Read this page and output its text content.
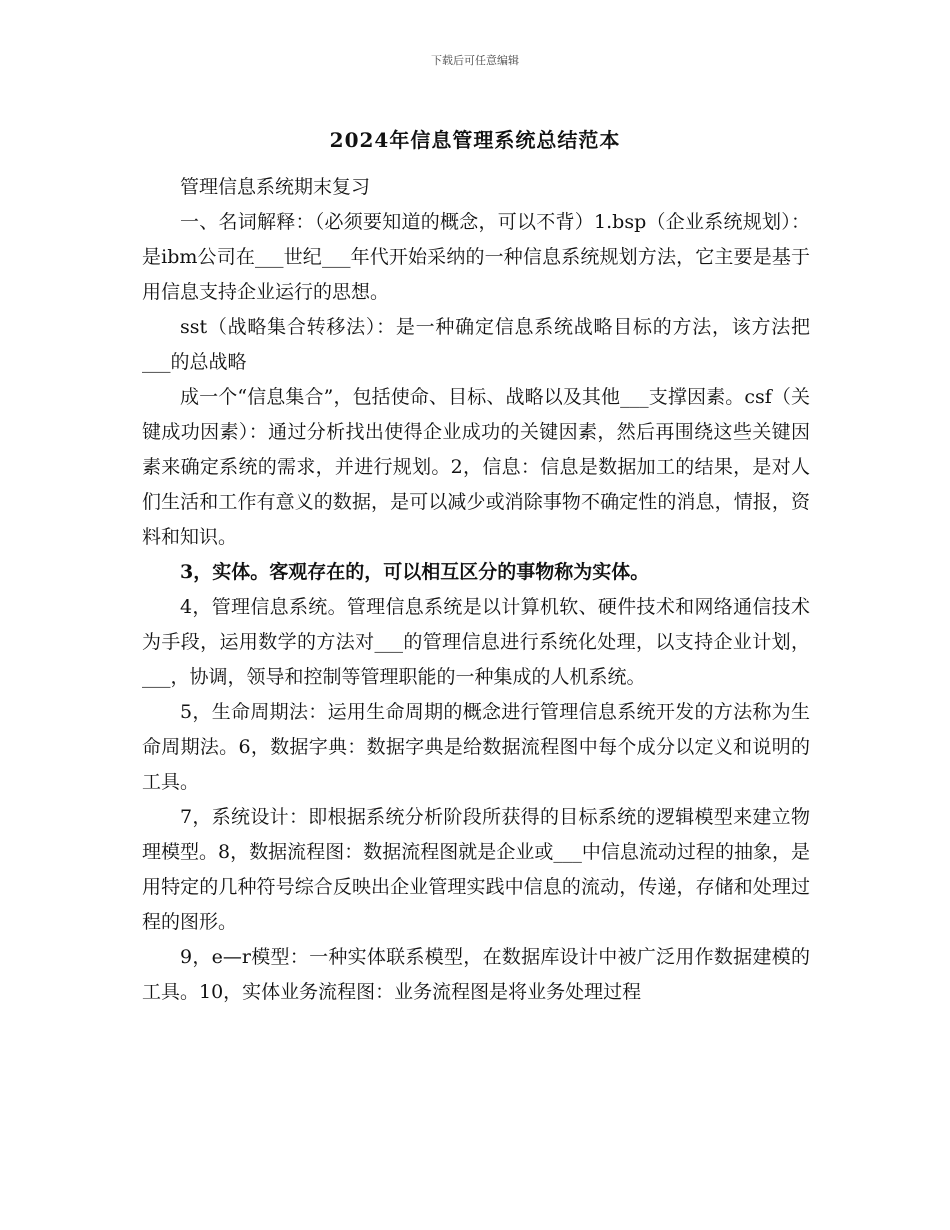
下载后可任意编辑
2024年信息管理系统总结范本

管理信息系统期末复习

一、名词解释：（必须要知道的概念，可以不背）1.bsp（企业系统规划）：是ibm公司在___世纪___年代开始采纳的一种信息系统规划方法，它主要是基于用信息支持企业运行的思想。

sst（战略集合转移法）：是一种确定信息系统战略目标的方法，该方法把___的总战略

成一个“信息集合”，包括使命、目标、战略以及其他___支撑因素。csf（关键成功因素）：通过分析找出使得企业成功的关键因素，然后再围绕这些关键因素来确定系统的需求，并进行规划。2，信息：信息是数据加工的结果，是对人们生活和工作有意义的数据，是可以减少或消除事物不确定性的消息，情报，资料和知识。

3，实体。客观存在的，可以相互区分的事物称为实体。

4，管理信息系统。管理信息系统是以计算机软、硬件技术和网络通信技术为手段，运用数学的方法对___的管理信息进行系统化处理，以支持企业计划，___，协调，领导和控制等管理职能的一种集成的人机系统。

5，生命周期法：运用生命周期的概念进行管理信息系统开发的方法称为生命周期法。6，数据字典：数据字典是给数据流程图中每个成分以定义和说明的工具。

7，系统设计：即根据系统分析阶段所获得的目标系统的逻辑模型来建立物理模型。8，数据流程图：数据流程图就是企业或___中信息流动过程的抽象，是用特定的几种符号综合反映出企业管理实践中信息的流动，传递，存储和处理过程的图形。

9，e—r模型：一种实体联系模型，在数据库设计中被广泛用作数据建模的工具。10，实体业务流程图：业务流程图是将业务处理过程
